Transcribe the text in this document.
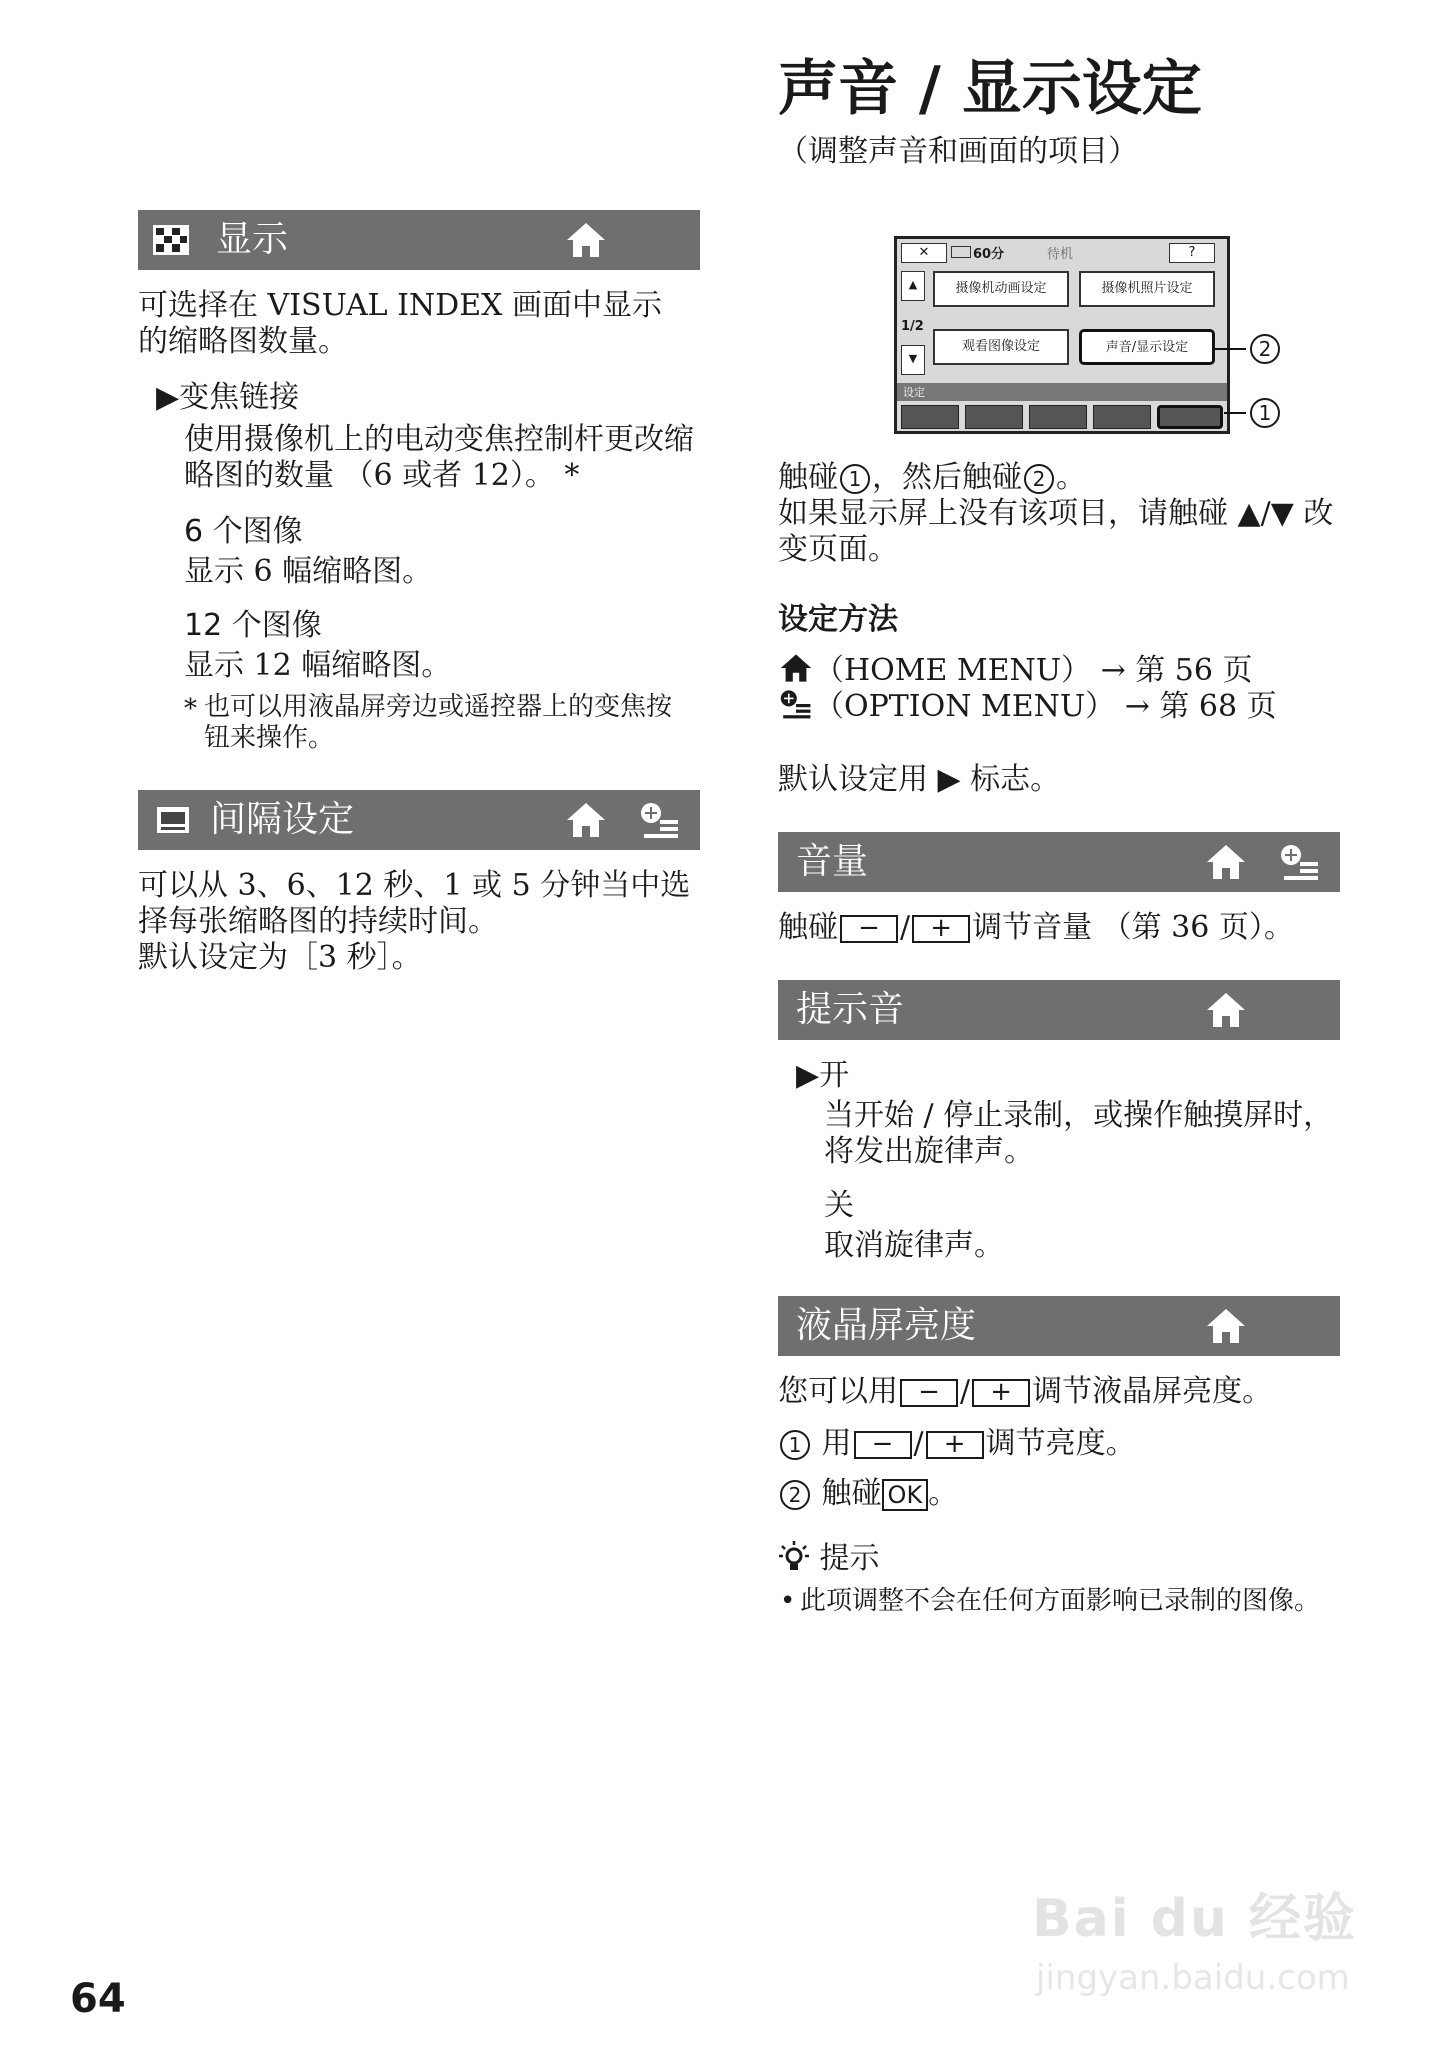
声音 / 显示设定
（调整声音和画面的项目）
显示
可选择在 VISUAL INDEX 画面中显示的缩略图数量。
▶变焦链接
使用摄像机上的电动变焦控制杆更改缩略图的数量 （6 或者 12）。 *
6 个图像
显示 6 幅缩略图。
12 个图像
显示 12 幅缩略图。
* 也可以用液晶屏旁边或遥控器上的变焦按钮来操作。
间隔设定
可以从 3、6、12 秒、1 或 5 分钟当中选择每张缩略图的持续时间。
默认设定为［3 秒］。
✕	60分	待机	?
▲
1/2
▼
摄像机动画设定	摄像机照片设定
观看图像设定	声音/显示设定
设定
2
1
触碰 1 ，然后触碰 2 。
如果显示屏上没有该项目，请触碰 ▲/▼ 改变页面。
设定方法
（HOME MENU） → 第 56 页
（OPTION MENU） → 第 68 页
默认设定用 ▶ 标志。
音量
触碰 − / + 调节音量 （第 36 页）。
提示音
▶开
当开始 / 停止录制，或操作触摸屏时，将发出旋律声。
关
取消旋律声。
液晶屏亮度
您可以用 − / + 调节液晶屏亮度。
1 用 − / + 调节亮度。
2 触碰 OK 。
提示
• 此项调整不会在任何方面影响已录制的图像。
64
Bai du 经验
jingyan.baidu.com
